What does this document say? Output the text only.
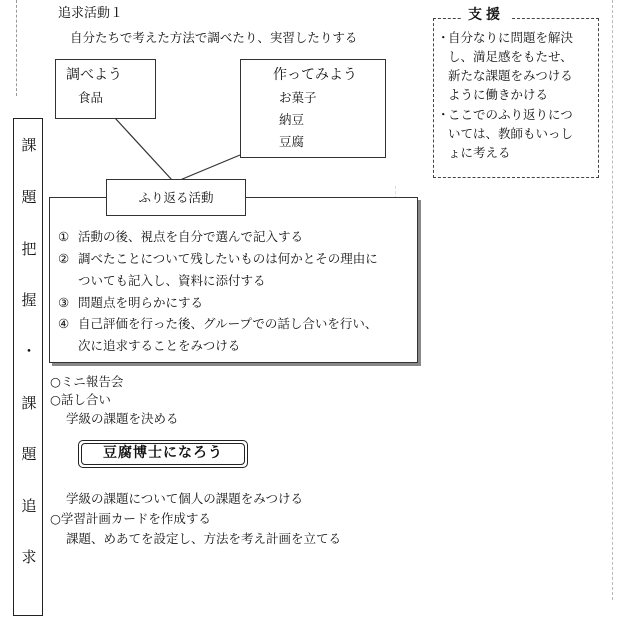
追求活動１
自分たちで考えた方法で調べたり、実習したりする
調べよう
食品
作ってみよう
お菓子
納豆
豆腐
① 活動の後、視点を自分で選んで記入する
② 調べたことについて残したいものは何かとその理由に
ついても記入し、資料に添付する
③ 問題点を明らかにする
④ 自己評価を行った後、グループでの話し合いを行い、
次に追求することをみつける
ふり返る活動
・
自分なりに問題を解決
し、満足感をもたせ、
新たな課題をみつける
ように働きかける
・
ここでのふり返りにつ
いては、教師もいっし
ょに考える
支援
課
題
把
握
・
課
題
追
求
○ミニ報告会
○話し合い
学級の課題を決める
豆腐博士になろう
学級の課題について個人の課題をみつける
○学習計画カードを作成する
課題、めあてを設定し、方法を考え計画を立てる
